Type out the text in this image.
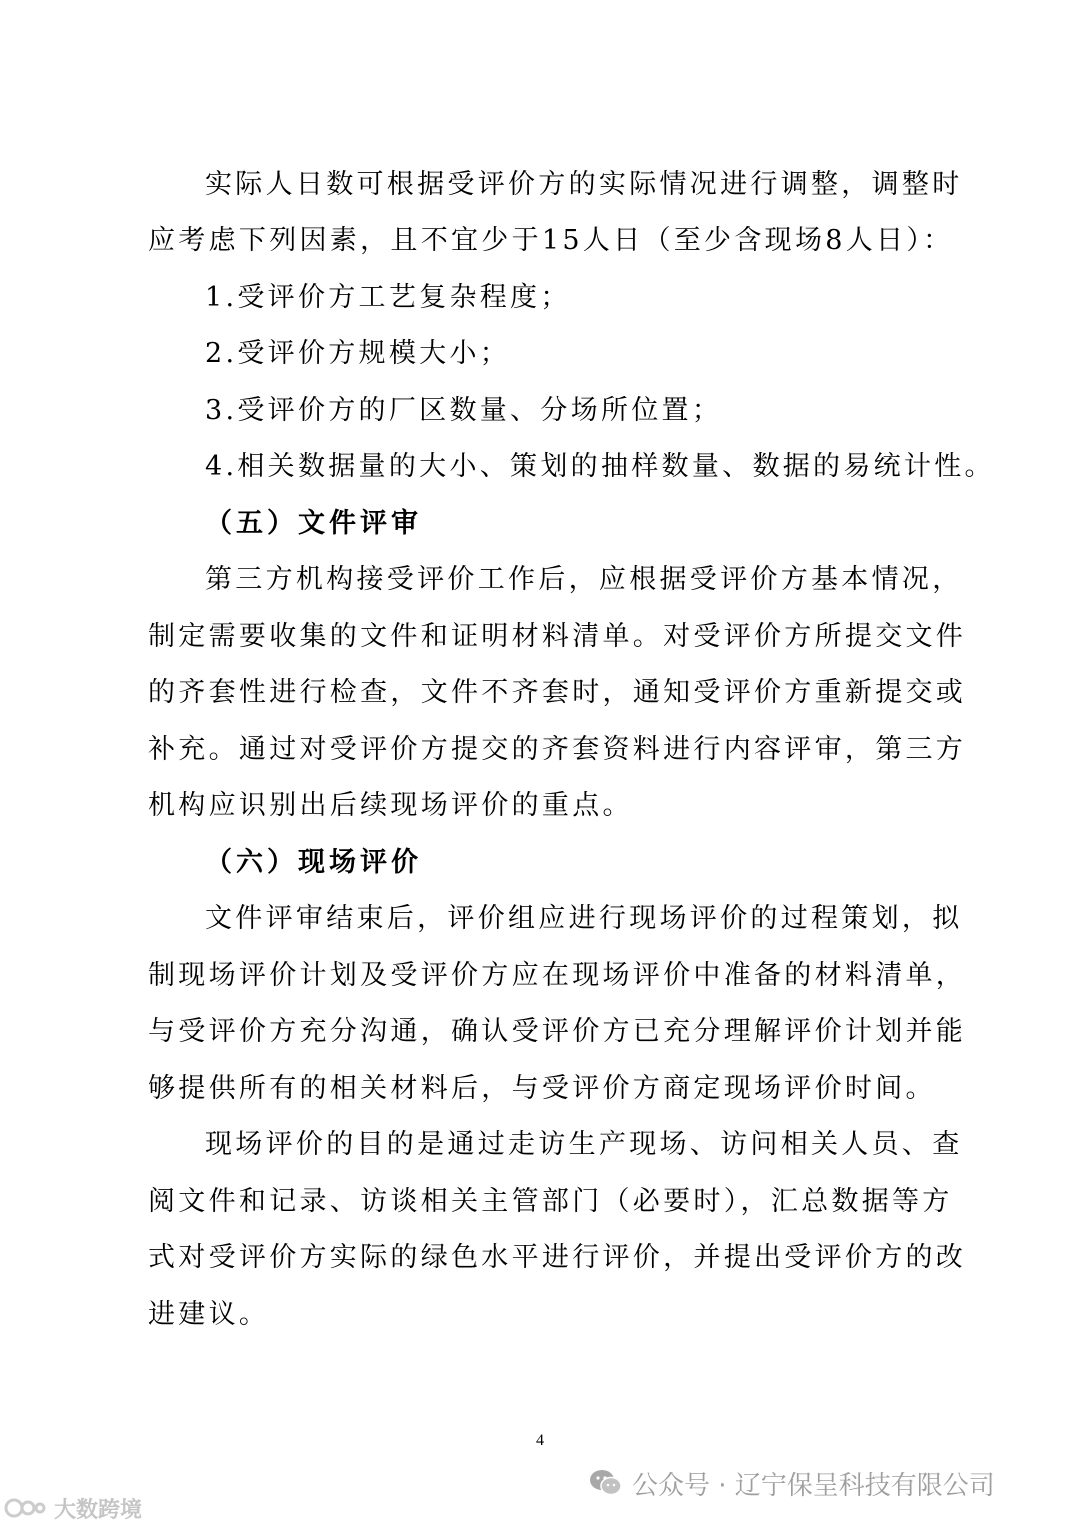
实际人日数可根据受评价方的实际情况进行调整，调整时
应考虑下列因素，且不宜少于15人日（至少含现场8人日）：
1.受评价方工艺复杂程度；
2.受评价方规模大小；
3.受评价方的厂区数量、分场所位置；
4.相关数据量的大小、策划的抽样数量、数据的易统计性。
（五）文件评审
第三方机构接受评价工作后，应根据受评价方基本情况，
制定需要收集的文件和证明材料清单。对受评价方所提交文件
的齐套性进行检查，文件不齐套时，通知受评价方重新提交或
补充。通过对受评价方提交的齐套资料进行内容评审，第三方
机构应识别出后续现场评价的重点。
（六）现场评价
文件评审结束后，评价组应进行现场评价的过程策划，拟
制现场评价计划及受评价方应在现场评价中准备的材料清单，
与受评价方充分沟通，确认受评价方已充分理解评价计划并能
够提供所有的相关材料后，与受评价方商定现场评价时间。
现场评价的目的是通过走访生产现场、访问相关人员、查
阅文件和记录、访谈相关主管部门（必要时），汇总数据等方
式对受评价方实际的绿色水平进行评价，并提出受评价方的改
进建议。
4
公众号 · 辽宁保呈科技有限公司
大数跨境
